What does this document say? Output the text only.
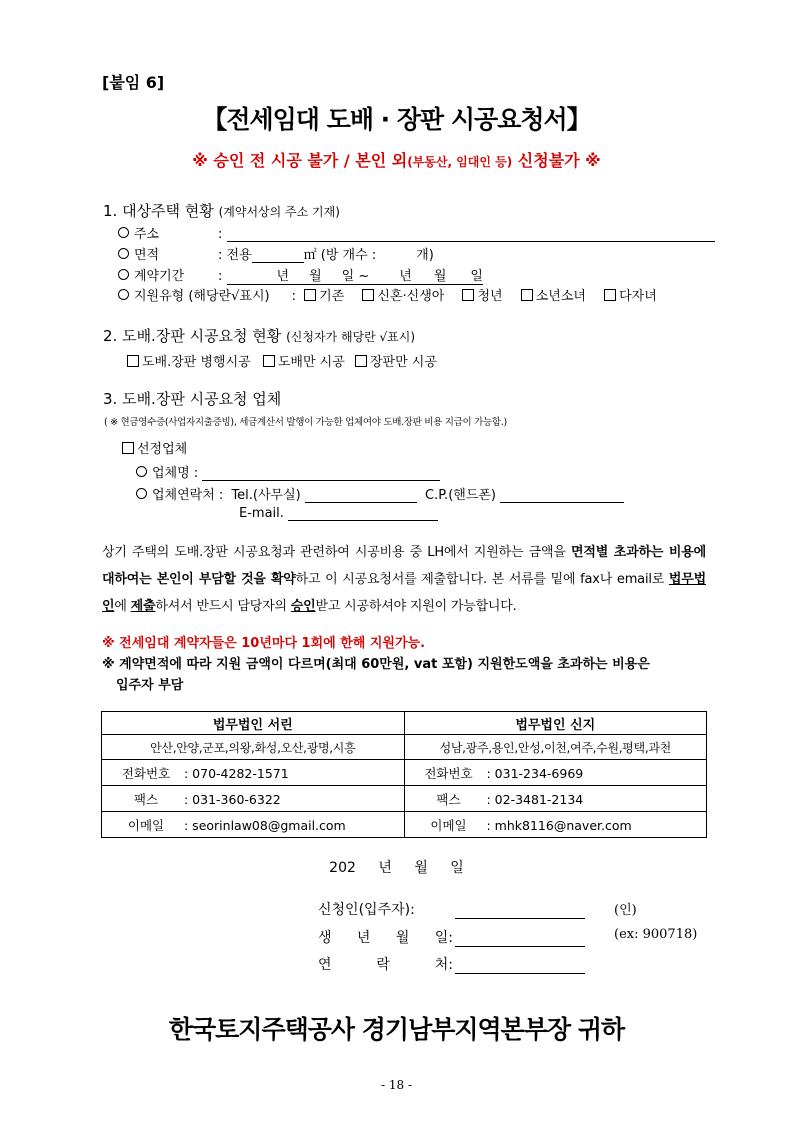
[붙임 6]
【전세임대 도배 · 장판 시공요청서】
※ 승인 전 시공 불가 / 본인 외(부동산, 임대인 등) 신청불가 ※
1. 대상주택 현황 (계약서상의 주소 기재)
주소	:
면적	: 전용	㎡ (방 개수 :	개)
계약기간	:	년 월 일 ~ 년 월 일
지원유형 (해당란√표시) : 기존	신혼·신생아	청년	소년소녀	다자녀
2. 도배.장판 시공요청 현황 (신청자가 해당란 √표시)
도배.장판 병행시공 도배만 시공 장판만 시공
3. 도배.장판 시공요청 업체
( ※ 현금영수증(사업자지출증빙), 세금계산서 발행이 가능한 업체여야 도배.장판 비용 지급이 가능함.)
선정업체
업체명 :
업체연락처 : Tel.(사무실)	C.P.(핸드폰)
E-mail.
상기 주택의 도배.장판 시공요청과 관련하여 시공비용 중 LH에서 지원하는 금액을 면적별 초과하는 비용에 대하여는 본인이 부담할 것을 확약하고 이 시공요청서를 제출합니다. 본 서류를 밑에 fax나 email로 법무법인에 제출하셔서 반드시 담당자의 승인받고 시공하셔야 지원이 가능합니다.
※ 전세임대 계약자들은 10년마다 1회에 한해 지원가능.
※ 계약면적에 따라 지원 금액이 다르며(최대 60만원, vat 포함) 지원한도액을 초과하는 비용은
입주자 부담
법무법인 서린	법무법인 신지
안산,안양,군포,의왕,화성,오산,광명,시흥	성남,광주,용인,안성,이천,여주,수원,평택,과천
전화번호 : 070-4282-1571	전화번호 : 031-234-6969
팩스 : 031-360-6322	팩스 : 02-3481-2134
이메일 : seorinlaw08@gmail.com	이메일 : mhk8116@naver.com
202 년 월 일
신청인(입주자):	(인)
생 년 월 일:	(ex: 900718)
연 락 처:
한국토지주택공사 경기남부지역본부장 귀하
- 18 -
